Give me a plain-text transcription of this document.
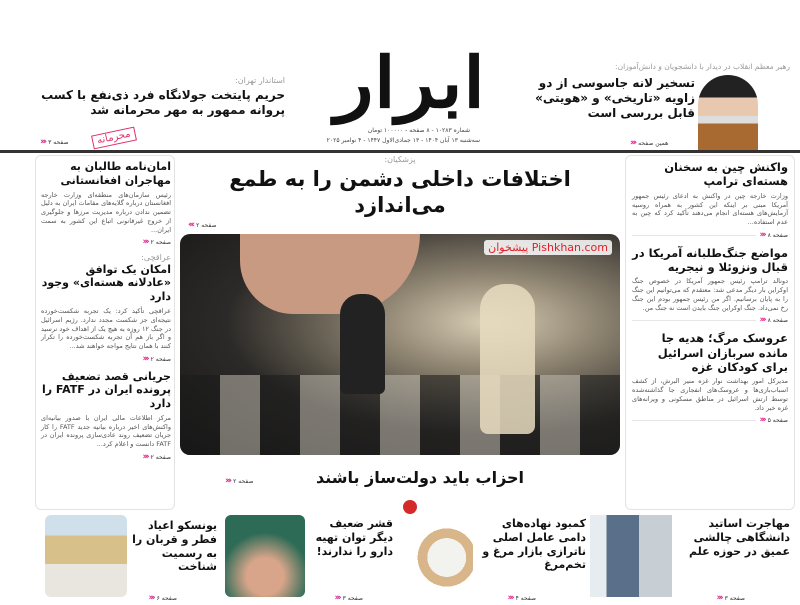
ابرار
شماره ۱۰۲۸۳ - ۸ صفحه - ۱۰۰۰۰۰ تومان
سه‌شنبه ۱۳ آبان ۱۴۰۴ - ۱۳ جمادی‌الاول ۱۴۴۷ - ۴ نوامبر ۲۰۲۵
استاندار تهران:
حریم پایتخت جولانگاه فرد ذی‌نفع با کسب پروانه ممهور به مهر محرمانه شد
صفحه ۳
‹‹‹	محرمانه
رهبر معظم انقلاب در دیدار با دانشجویان و دانش‌آموزان:
تسخیر لانه جاسوسی از دو زاویه «تاریخی» و «هویتی» قابل بررسی است
همین صفحه
‹‹‹
امان‌نامه طالبان به مهاجران افغانستانی
رئیس سازمان‌های منطقه‌ای وزارت خارجه افغانستان درباره گلایه‌های مقامات ایران به دلیل تضمین ندادن درباره مدیریت مرزها و جلوگیری از خروج غیرقانونی اتباع این کشور به سمت ایران...
صفحه ۲
‹‹‹
عراقچی:
امکان یک توافق «عادلانه هسته‌ای» وجود دارد
عراقچی تأکید کرد: یک تجربه شکست‌خورده نتیجه‌ای جز شکست مجدد ندارد. رژیم اسرائیل در جنگ ۱۲ روزه به هیچ یک از اهداف خود نرسید و اگر باز هم آن تجربه شکست‌خورده را تکرار کنند با همان نتایج مواجه خواهند شد...
صفحه ۲
‹‹‹
جریانی قصد تضعیف پرونده ایران در FATF را دارد
مرکز اطلاعات مالی ایران با صدور بیانیه‌ای واکنش‌های اخیر درباره بیانیه جدید FATF را کار جریان تضعیف روند عادی‌سازی پرونده ایران در FATF دانست و اعلام کرد...
صفحه ۲
‹‹‹
واکنش چین به سخنان هسته‌ای ترامپ
وزارت خارجه چین در واکنش به ادعای رئیس جمهور آمریکا مبنی بر اینکه این کشور به همراه روسیه آزمایش‌های هسته‌ای انجام می‌دهند تأکید کرد که چین به عدم استفاده...
صفحه ۸
‹‹‹
مواضع جنگ‌طلبانه آمریکا در قبال ونزوئلا و نیجریه
دونالد ترامپ رئیس جمهور آمریکا در خصوص جنگ اوکراین بار دیگر مدعی شد: معتقدم که می‌توانیم این جنگ را به پایان برسانیم. اگر من رئیس جمهور بودم این جنگ رخ نمی‌داد. جنگ اوکراین جنگ بایدن است نه جنگ من.
صفحه ۸
‹‹‹
عروسک مرگ؛ هدیه جا مانده سربازان اسرائیل برای کودکان غزه
مدیرکل امور بهداشت نوار غزه منیر البرش، از کشف اسباب‌بازی‌ها و عروسک‌های انفجاری جا گذاشته‌شده توسط ارتش اسرائیل در مناطق مسکونی و ویرانه‌های غزه خبر داد.
صفحه ۵
‹‹‹
پزشکیان:
اختلافات داخلی دشمن را به طمع می‌اندازد
‹‹‹ صفحه ۲
پیشخوان Pishkhan.com
احزاب باید دولت‌ساز باشند
صفحه ۲
‹‹‹
مهاجرت اساتید دانشگاهی چالشی عمیق در حوزه علم
صفحه ۳
‹‹‹
کمبود نهاده‌های دامی عامل اصلی ناترازی بازار مرغ و تخم‌مرغ
صفحه ۴
‹‹‹
قشر ضعیف دیگر توان تهیه دارو را ندارند!
صفحه ۳
‹‹‹
یونسکو اعیاد فطر و قربان را به رسمیت شناخت
صفحه ۶
‹‹‹
